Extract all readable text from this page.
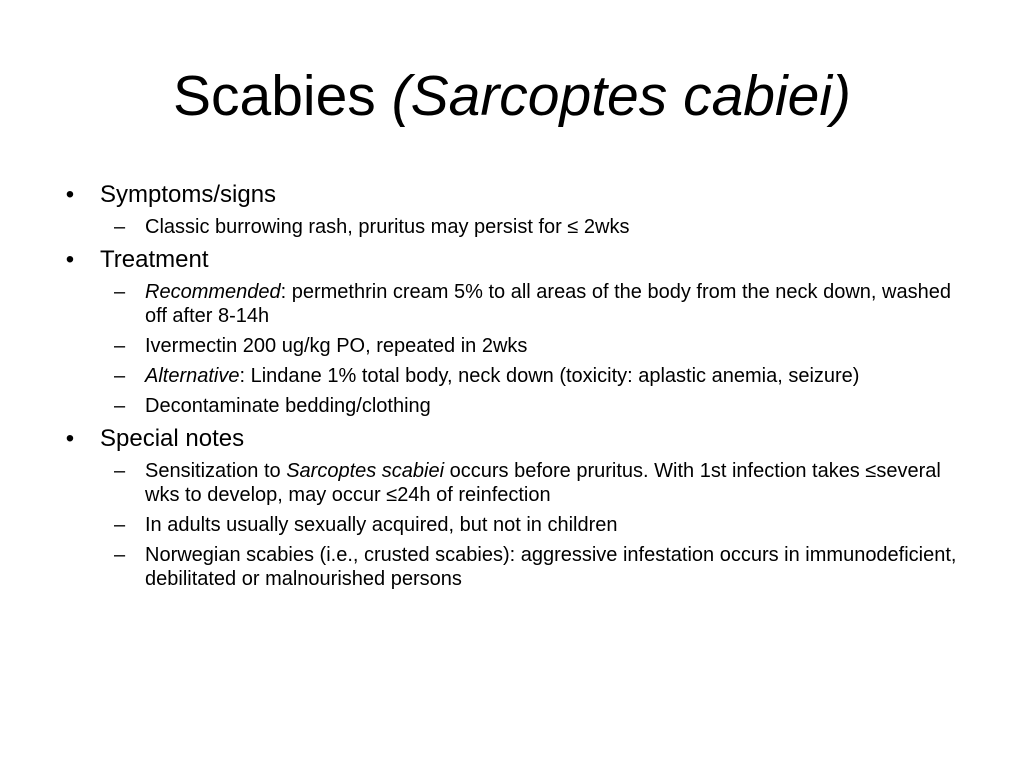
Scabies (Sarcoptes cabiei)
• Symptoms/signs
– Classic burrowing rash, pruritus may persist for ≤ 2wks
• Treatment
– Recommended: permethrin cream 5% to all areas of the body from the neck down, washed off after 8-14h
– Ivermectin 200 ug/kg PO, repeated in 2wks
– Alternative: Lindane 1% total body, neck down (toxicity: aplastic anemia, seizure)
– Decontaminate bedding/clothing
• Special notes
– Sensitization to Sarcoptes scabiei occurs before pruritus. With 1st infection takes ≤several wks to develop, may occur ≤24h of reinfection
– In adults usually sexually acquired, but not in children
– Norwegian scabies (i.e., crusted scabies): aggressive infestation occurs in immunodeficient, debilitated or malnourished persons
